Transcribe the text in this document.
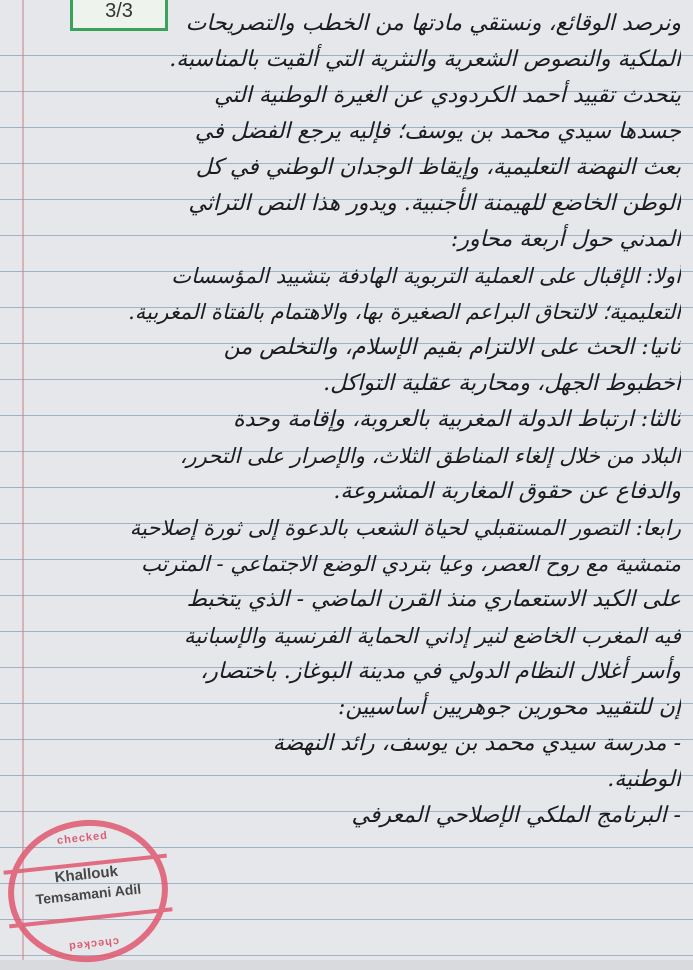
3/3
ونرصد الوقائع، ونستقي مادتها من الخطب والتصريحات
الملكية والنصوص الشعرية والنثرية التي ألقيت بالمناسبة.
يتحدث تقييد أحمد الكردودي عن الغيرة الوطنية التي
جسدها سيدي محمد بن يوسف؛ فإليه يرجع الفضل في
بعث النهضة التعليمية، وإيقاظ الوجدان الوطني في كل
الوطن الخاضع للهيمنة الأجنبية. ويدور هذا النص التراثي
المدني حول أربعة محاور:
أولا: الإقبال على العملية التربوية الهادفة بتشييد المؤسسات
التعليمية؛ لالتحاق البراعم الصغيرة بها، والاهتمام بالفتاة المغربية.
ثانيا: الحث على الالتزام بقيم الإسلام، والتخلص من
أخطبوط الجهل، ومحاربة عقلية التواكل.
ثالثا: ارتباط الدولة المغربية بالعروبة، وإقامة وحدة
البلاد من خلال إلغاء المناطق الثلاث، والإصرار على التحرر،
والدفاع عن حقوق المغاربة المشروعة.
رابعا: التصور المستقبلي لحياة الشعب بالدعوة إلى ثورة إصلاحية
متمشية مع روح العصر، وعيا بتردي الوضع الاجتماعي - المترتب
على الكيد الاستعماري منذ القرن الماضي - الذي يتخبط
فيه المغرب الخاضع لنير إداني الحماية الفرنسية والإسبانية
وأسر أغلال النظام الدولي في مدينة البوغاز. باختصار،
إن للتقييد محورين جوهريين أساسيين:
- مدرسة سيدي محمد بن يوسف، رائد النهضة
الوطنية.
- البرنامج الملكي الإصلاحي المعرفي
checked
Khallouk
Temsamani Adil
checked
